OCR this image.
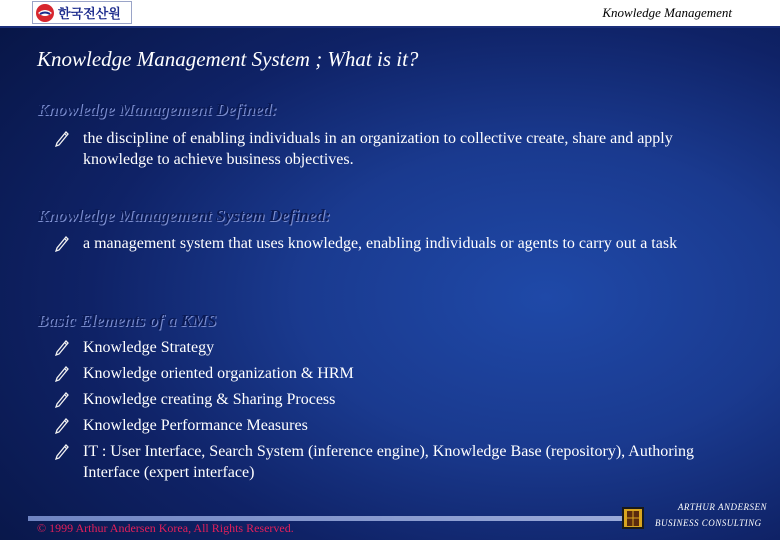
한국전산원	Knowledge Management
Knowledge Management System ; What is it?
Knowledge Management Defined:
the discipline of enabling individuals in an organization to collective create, share and apply knowledge to achieve business objectives.
Knowledge Management System Defined:
a management system that uses knowledge, enabling individuals or agents to carry out a task
Basic Elements of a KMS
Knowledge Strategy
Knowledge oriented organization & HRM
Knowledge creating & Sharing Process
Knowledge Performance Measures
IT : User Interface, Search System (inference engine), Knowledge Base (repository), Authoring Interface (expert interface)
© 1999 Arthur Andersen Korea, All Rights Reserved.
ARTHUR ANDERSEN
BUSINESS CONSULTING
